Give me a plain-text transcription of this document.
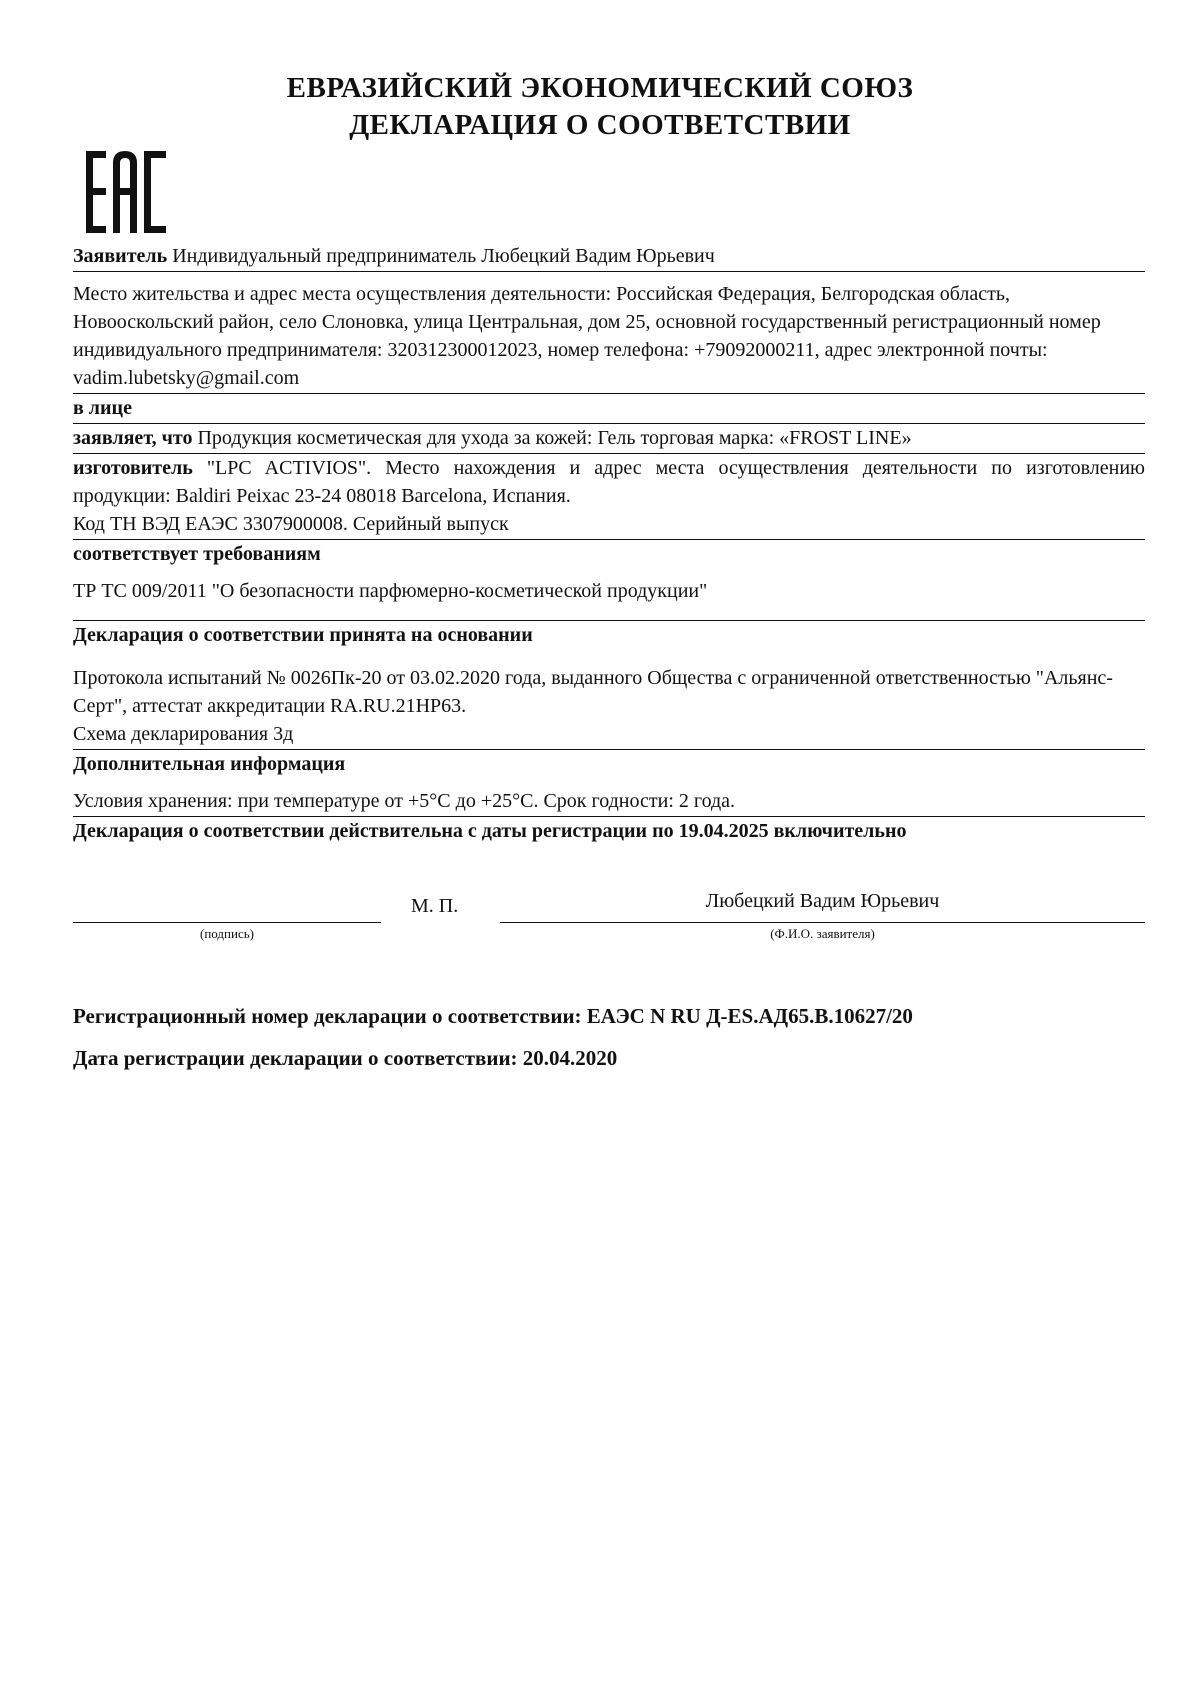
ЕВРАЗИЙСКИЙ ЭКОНОМИЧЕСКИЙ СОЮЗ
ДЕКЛАРАЦИЯ О СООТВЕТСТВИИ
Заявитель Индивидуальный предприниматель Любецкий Вадим Юрьевич
Место жительства и адрес места осуществления деятельности: Российская Федерация, Белгородская область, Новооскольский район, село Слоновка, улица Центральная, дом 25, основной государственный регистрационный номер индивидуального предпринимателя: 320312300012023, номер телефона: +79092000211, адрес электронной почты: vadim.lubetsky@gmail.com
в лице
заявляет, что Продукция косметическая для ухода за кожей: Гель торговая марка: «FROST LINE»
изготовитель "LPC ACTIVIOS". Место нахождения и адрес места осуществления деятельности по изготовлению продукции: Baldiri Peixac 23-24 08018 Barcelona, Испания.
Код ТН ВЭД ЕАЭС 3307900008. Серийный выпуск
соответствует требованиям
ТР ТС 009/2011 "О безопасности парфюмерно-косметической продукции"
Декларация о соответствии принята на основании
Протокола испытаний № 0026Пк-20 от 03.02.2020 года, выданного Общества с ограниченной ответственностью "Альянс-Серт", аттестат аккредитации RA.RU.21HP63.
Схема декларирования 3д
Дополнительная информация
Условия хранения: при температуре от +5°С до +25°С. Срок годности: 2 года.
Декларация о соответствии действительна с даты регистрации по 19.04.2025 включительно
М. П.	Любецкий Вадим Юрьевич
(подпись)	(Ф.И.О. заявителя)
Регистрационный номер декларации о соответствии: ЕАЭС N RU Д-ES.АД65.В.10627/20
Дата регистрации декларации о соответствии: 20.04.2020
